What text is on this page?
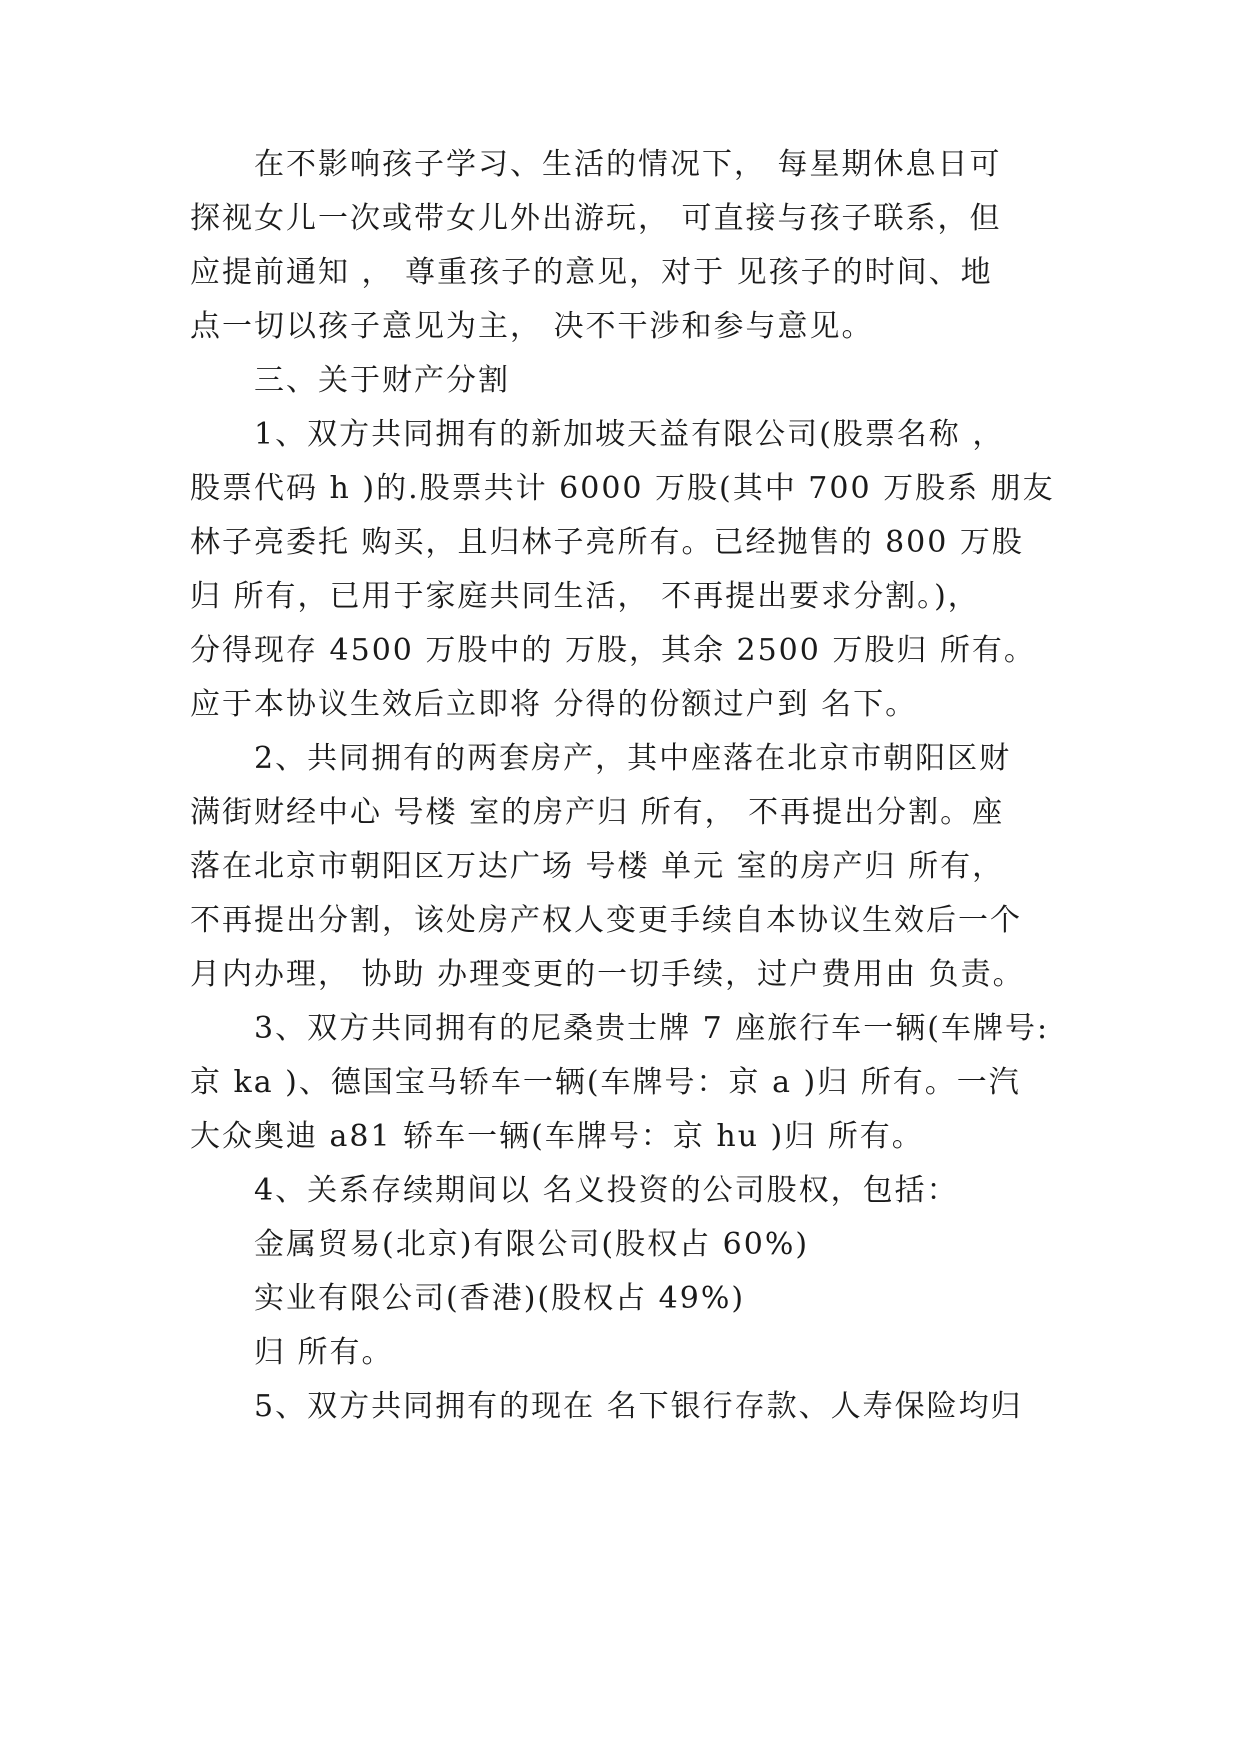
在不影响孩子学习、生活的情况下， 每星期休息日可
探视女儿一次或带女儿外出游玩， 可直接与孩子联系，但
应提前通知 ， 尊重孩子的意见，对于 见孩子的时间、地
点一切以孩子意见为主， 决不干涉和参与意见。
三、关于财产分割
1、双方共同拥有的新加坡天益有限公司(股票名称 ，
股票代码 h )的.股票共计 6000 万股(其中 700 万股系 朋友
林子亮委托 购买，且归林子亮所有。已经抛售的 800 万股
归 所有，已用于家庭共同生活， 不再提出要求分割。)，
分得现存 4500 万股中的 万股，其余 2500 万股归 所有。
应于本协议生效后立即将 分得的份额过户到 名下。
2、共同拥有的两套房产，其中座落在北京市朝阳区财
满街财经中心 号楼 室的房产归 所有， 不再提出分割。座
落在北京市朝阳区万达广场 号楼 单元 室的房产归 所有，
不再提出分割，该处房产权人变更手续自本协议生效后一个
月内办理， 协助 办理变更的一切手续，过户费用由 负责。
3、双方共同拥有的尼桑贵士牌 7 座旅行车一辆(车牌号:
京 ka )、德国宝马轿车一辆(车牌号：京 a )归 所有。一汽
大众奥迪 a81 轿车一辆(车牌号：京 hu )归 所有。
4、关系存续期间以 名义投资的公司股权，包括：
金属贸易(北京)有限公司(股权占 60%)
实业有限公司(香港)(股权占 49%)
归 所有。
5、双方共同拥有的现在 名下银行存款、人寿保险均归
